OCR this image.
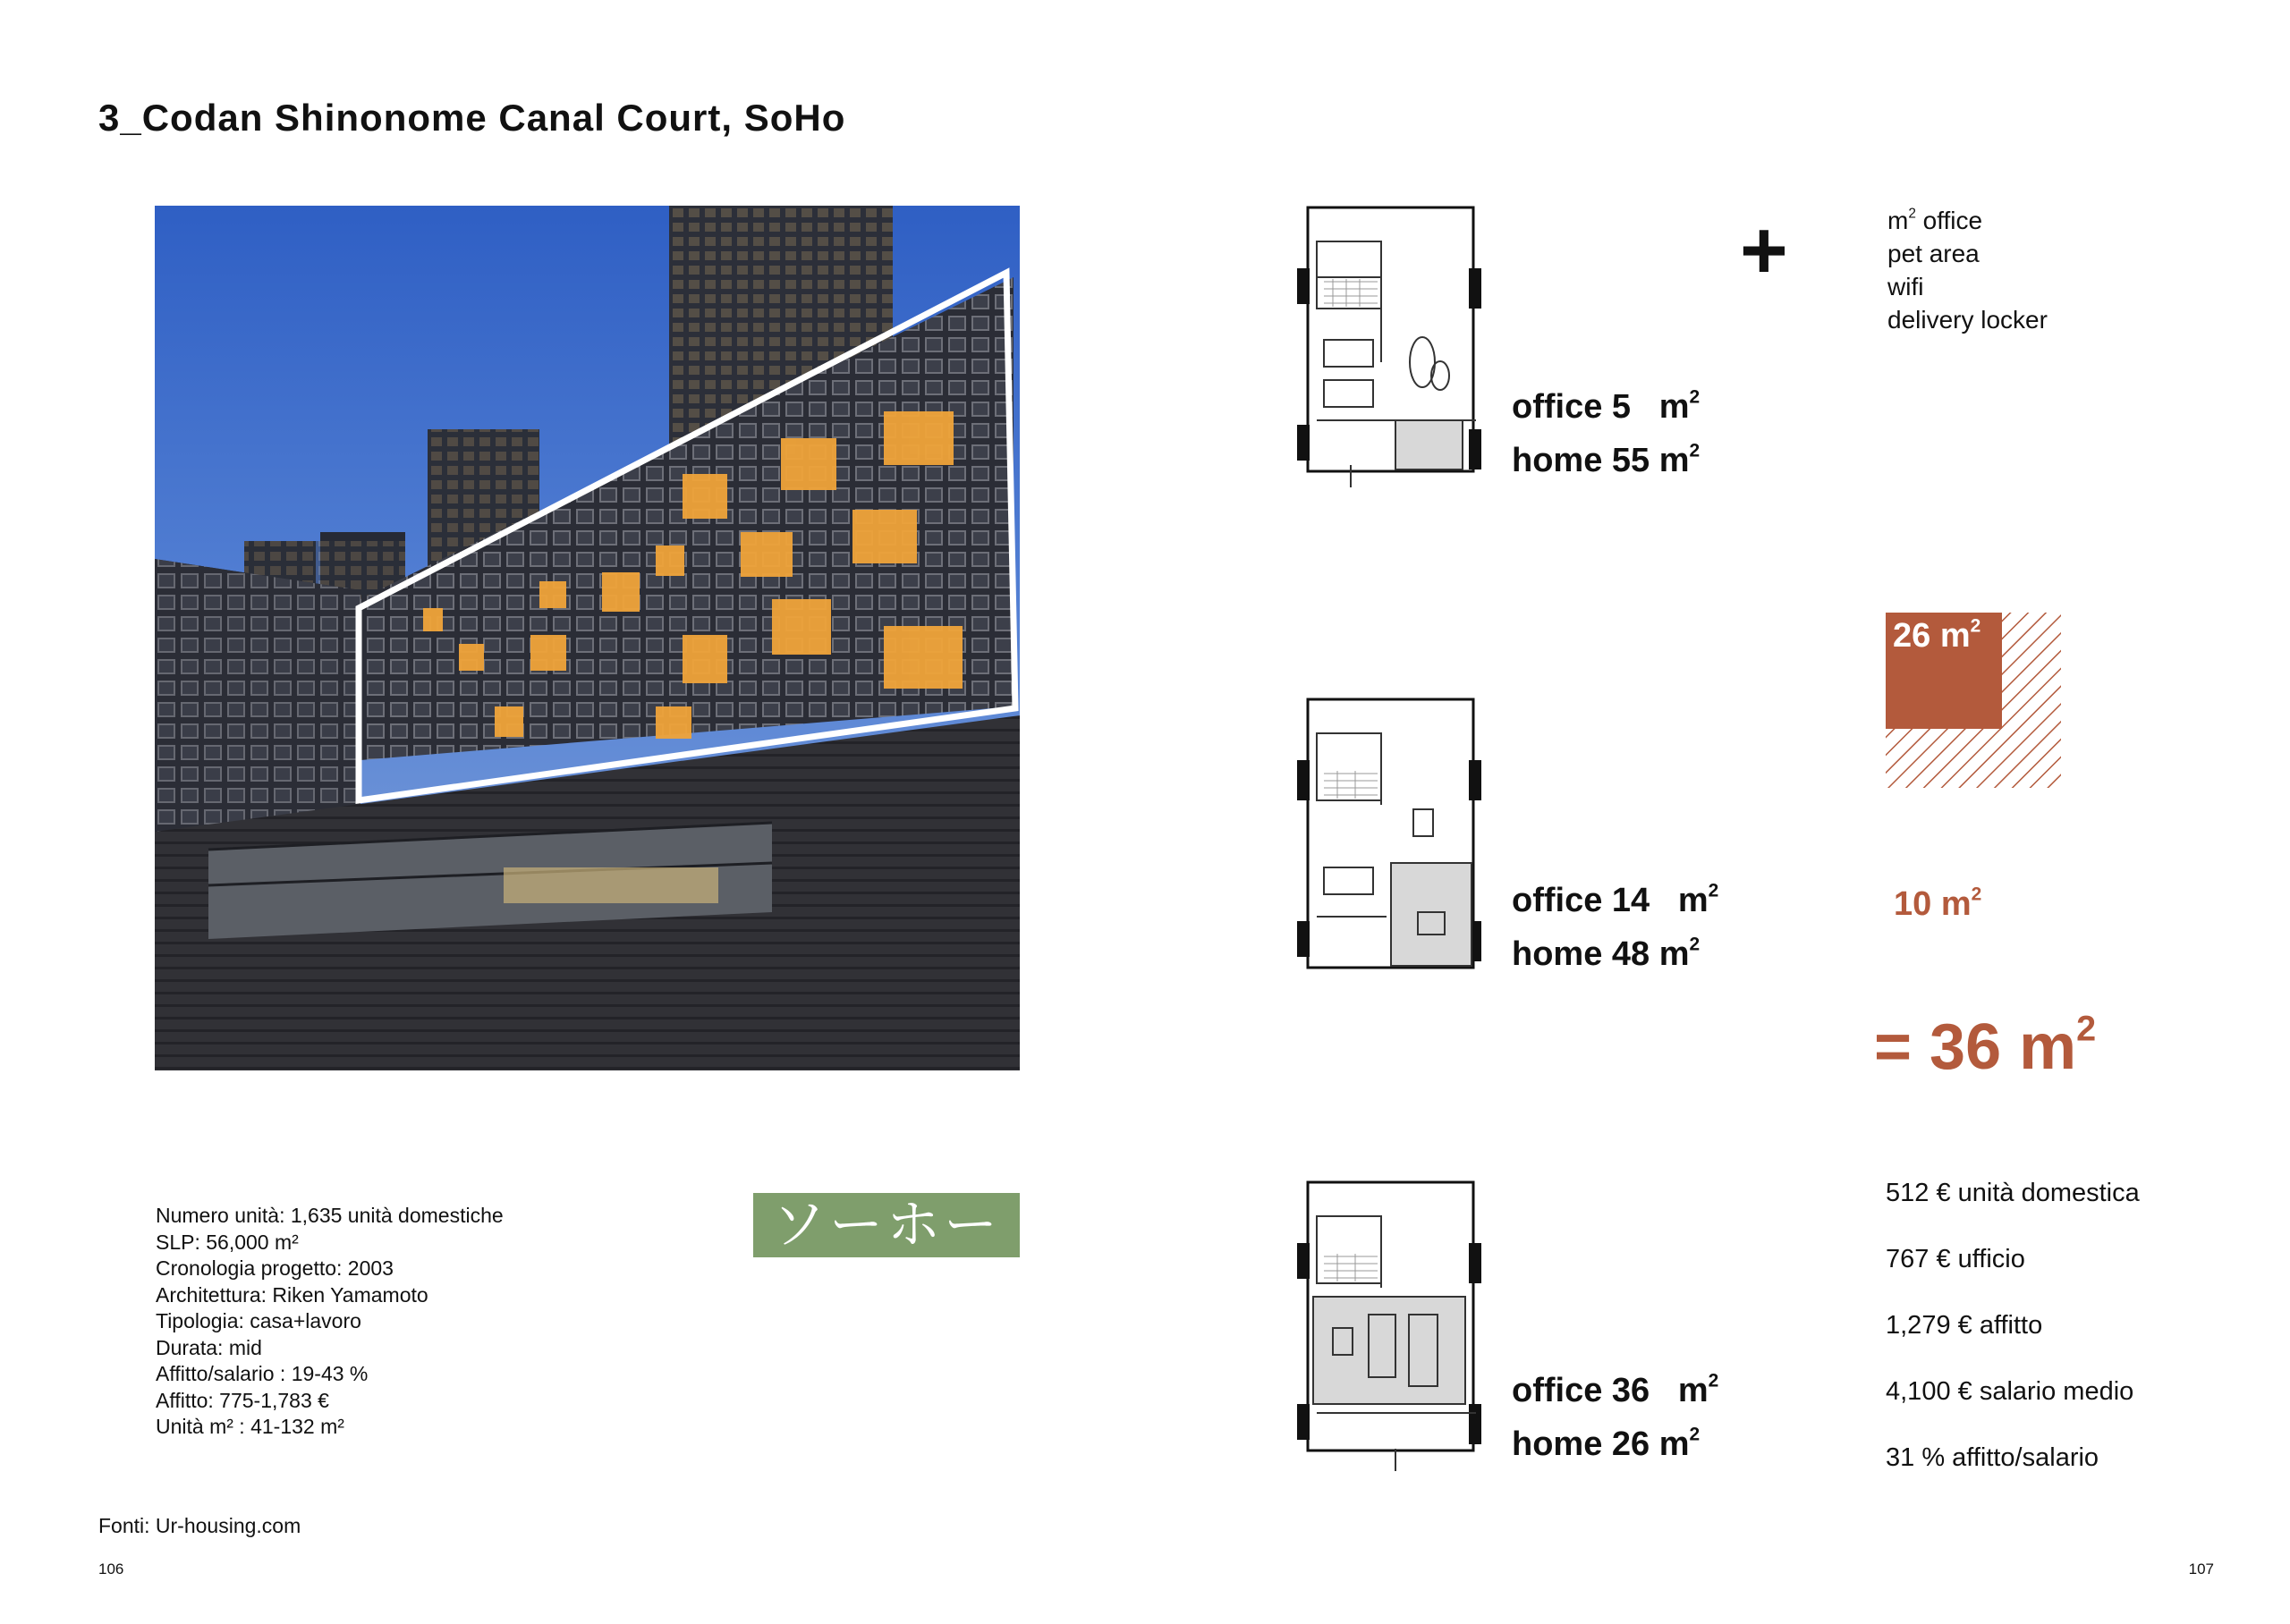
3_Codan Shinonome Canal Court, SoHo
Numero unità: 1,635 unità domestiche
SLP: 56,000 m²
Cronologia progetto: 2003
Architettura: Riken Yamamoto
Tipologia: casa+lavoro
Durata: mid
Affitto/salario : 19-43 %
Affitto: 775-1,783 €
Unità m² : 41-132 m²
ソーホー
Fonti: Ur-housing.com
106	107
office 5 $m^2$
home 55 $m^2$
office 14 $m^2$
home 48 $m^2$
office 36 $m^2$
home 26 $m^2$
+	$m^2$ office
pet area
wifi
delivery locker
26 $m^2$
10 $m^2$
= 36 $m^2$
512 € unità domestica
767 € ufficio
1,279 € affitto
4,100 € salario medio
31 % affitto/salario
